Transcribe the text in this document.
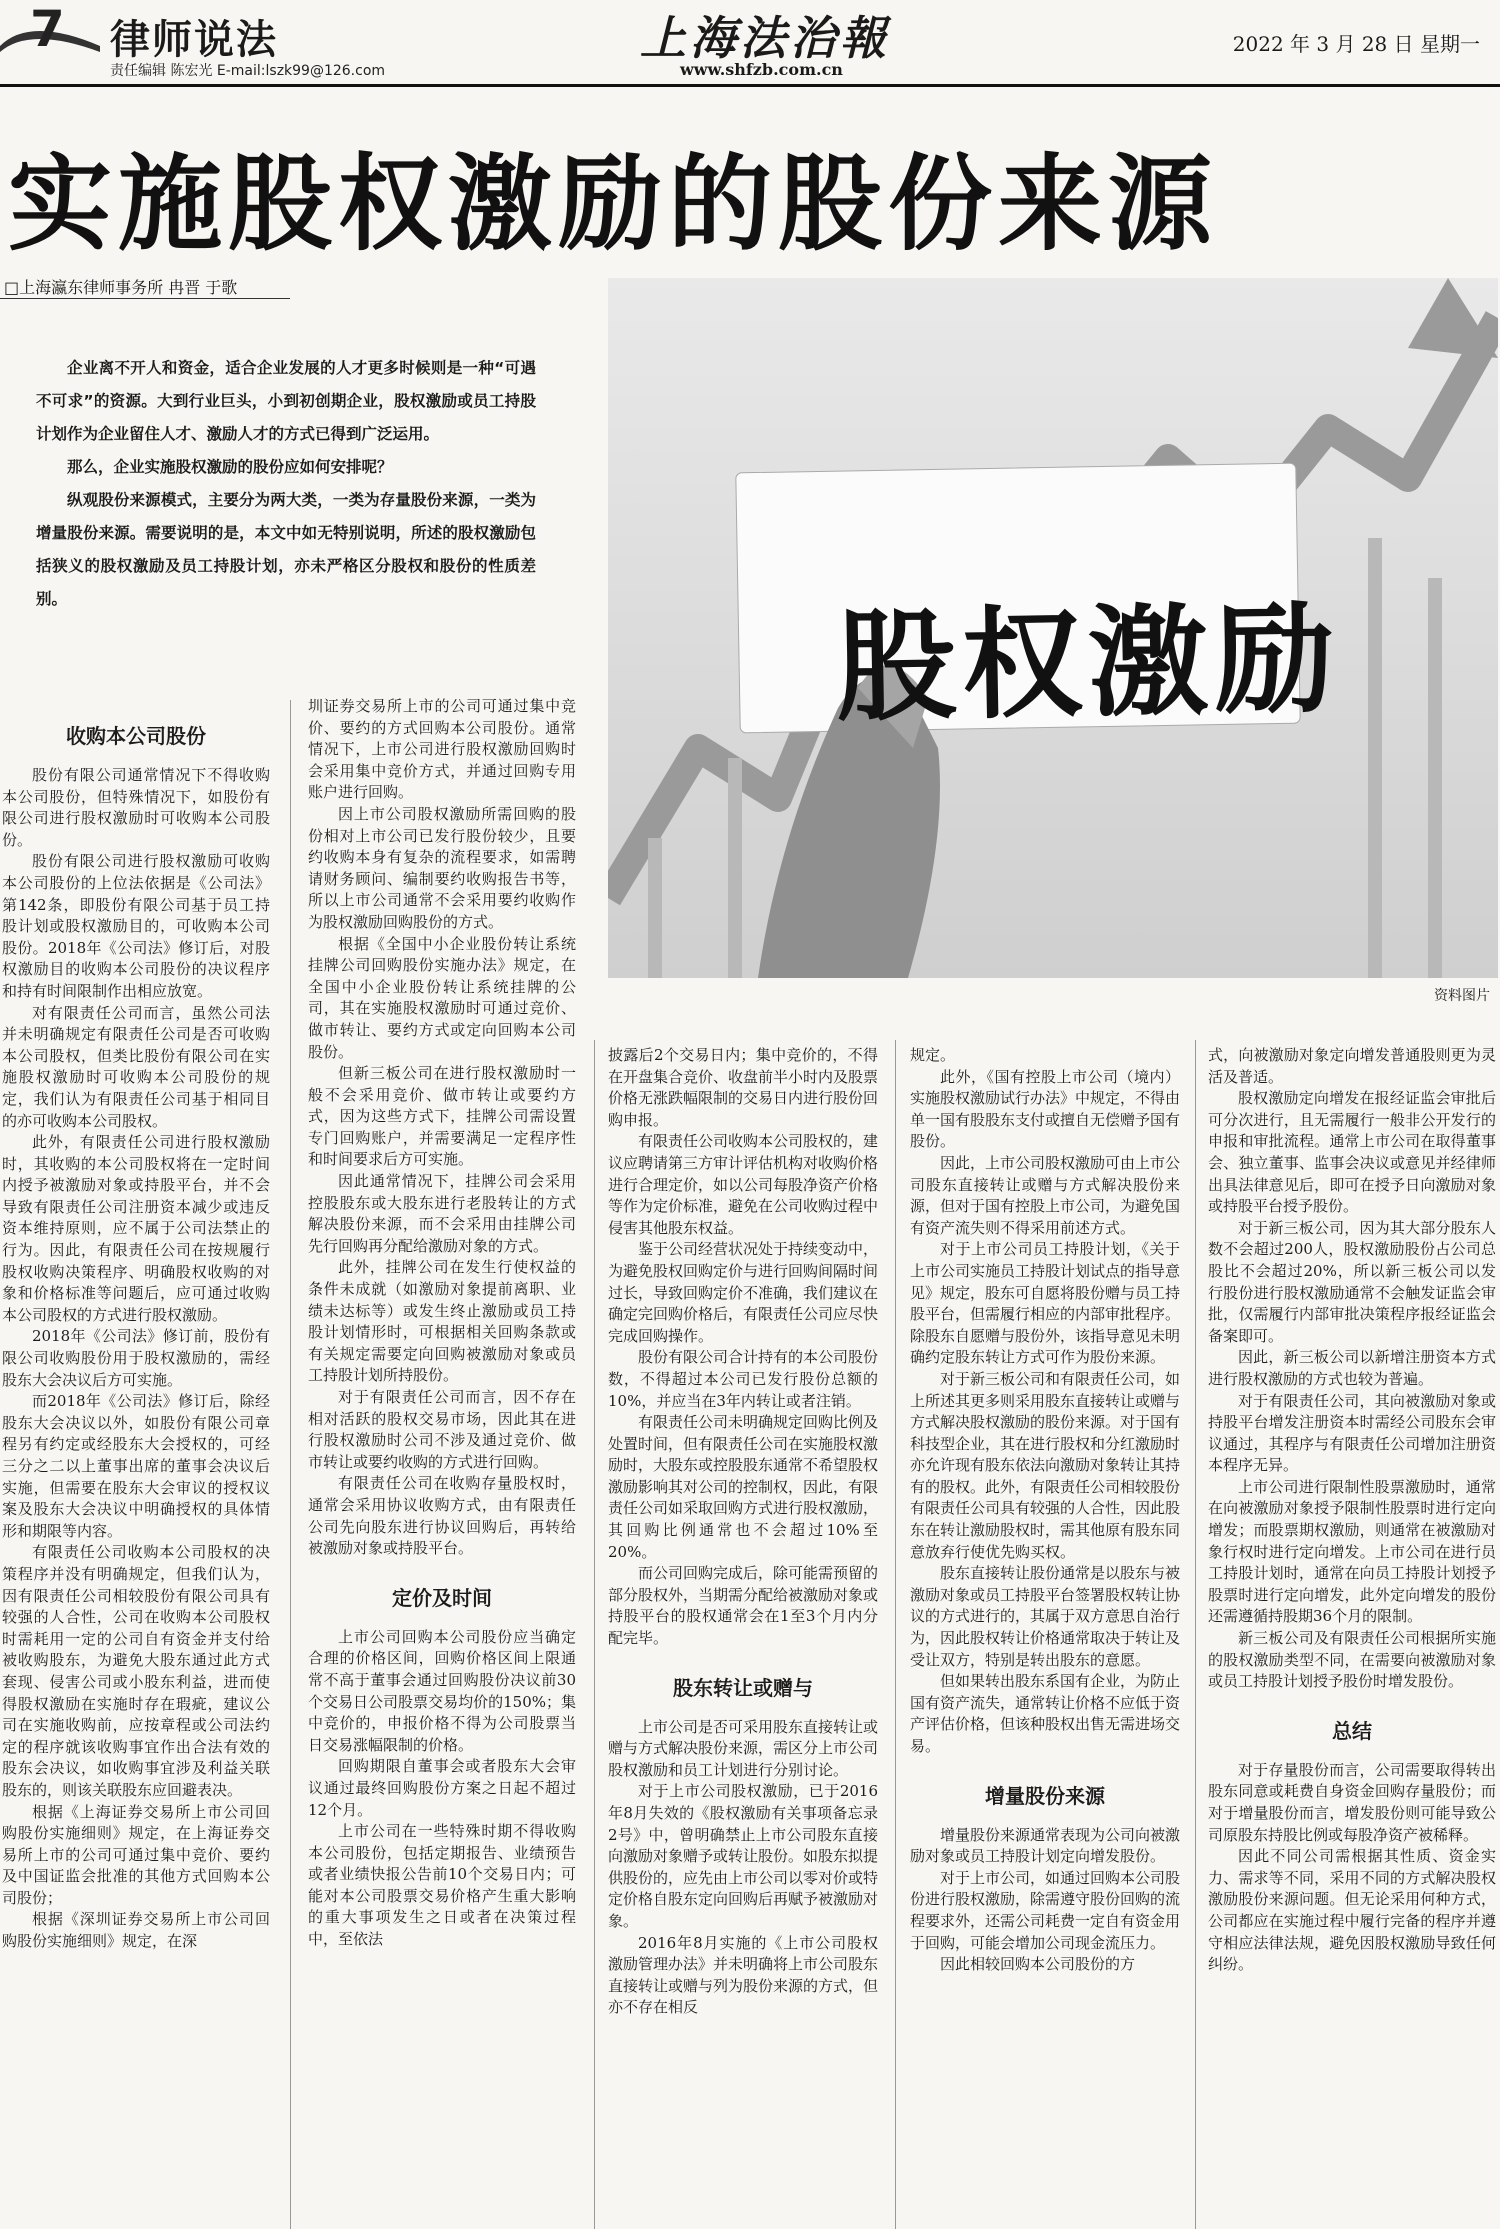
7 律师说法
责任编辑 陈宏光 E-mail:lszk99@126.com
上海法治報
www.shfzb.com.cn
2022 年 3 月 28 日 星期一
实施股权激励的股份来源
□上海瀛东律师事务所 冉晋 于歌

企业离不开人和资金，适合企业发展的人才更多时候则是一种“可遇不可求”的资源。大到行业巨头，小到初创期企业，股权激励或员工持股计划作为企业留住人才、激励人才的方式已得到广泛运用。

那么，企业实施股权激励的股份应如何安排呢？

纵观股份来源模式，主要分为两大类，一类为存量股份来源，一类为增量股份来源。需要说明的是，本文中如无特别说明，所述的股权激励包括狭义的股权激励及员工持股计划，亦未严格区分股权和股份的性质差别。	股权激励
资料图片
收购本公司股份

股份有限公司通常情况下不得收购本公司股份，但特殊情况下，如股份有限公司进行股权激励时可收购本公司股份。

股份有限公司进行股权激励可收购本公司股份的上位法依据是《公司法》第142条，即股份有限公司基于员工持股计划或股权激励目的，可收购本公司股份。2018年《公司法》修订后，对股权激励目的收购本公司股份的决议程序和持有时间限制作出相应放宽。

对有限责任公司而言，虽然公司法并未明确规定有限责任公司是否可收购本公司股权，但类比股份有限公司在实施股权激励时可收购本公司股份的规定，我们认为有限责任公司基于相同目的亦可收购本公司股权。

此外，有限责任公司进行股权激励时，其收购的本公司股权将在一定时间内授予被激励对象或持股平台，并不会导致有限责任公司注册资本减少或违反资本维持原则，应不属于公司法禁止的行为。因此，有限责任公司在按规履行股权收购决策程序、明确股权收购的对象和价格标准等问题后，应可通过收购本公司股权的方式进行股权激励。

2018年《公司法》修订前，股份有限公司收购股份用于股权激励的，需经股东大会决议后方可实施。

而2018年《公司法》修订后，除经股东大会决议以外，如股份有限公司章程另有约定或经股东大会授权的，可经三分之二以上董事出席的董事会决议后实施，但需要在股东大会审议的授权议案及股东大会决议中明确授权的具体情形和期限等内容。

有限责任公司收购本公司股权的决策程序并没有明确规定，但我们认为，因有限责任公司相较股份有限公司具有较强的人合性，公司在收购本公司股权时需耗用一定的公司自有资金并支付给被收购股东，为避免大股东通过此方式套现、侵害公司或小股东利益，进而使得股权激励在实施时存在瑕疵，建议公司在实施收购前，应按章程或公司法约定的程序就该收购事宜作出合法有效的股东会决议，如收购事宜涉及利益关联股东的，则该关联股东应回避表决。

根据《上海证券交易所上市公司回购股份实施细则》规定，在上海证券交易所上市的公司可通过集中竞价、要约及中国证监会批准的其他方式回购本公司股份；

根据《深圳证券交易所上市公司回购股份实施细则》规定，在深

圳证券交易所上市的公司可通过集中竞价、要约的方式回购本公司股份。通常情况下，上市公司进行股权激励回购时会采用集中竞价方式，并通过回购专用账户进行回购。

因上市公司股权激励所需回购的股份相对上市公司已发行股份较少，且要约收购本身有复杂的流程要求，如需聘请财务顾问、编制要约收购报告书等，所以上市公司通常不会采用要约收购作为股权激励回购股份的方式。

根据《全国中小企业股份转让系统挂牌公司回购股份实施办法》规定，在全国中小企业股份转让系统挂牌的公司，其在实施股权激励时可通过竞价、做市转让、要约方式或定向回购本公司股份。

但新三板公司在进行股权激励时一般不会采用竞价、做市转让或要约方式，因为这些方式下，挂牌公司需设置专门回购账户，并需要满足一定程序性和时间要求后方可实施。

因此通常情况下，挂牌公司会采用控股股东或大股东进行老股转让的方式解决股份来源，而不会采用由挂牌公司先行回购再分配给激励对象的方式。

此外，挂牌公司在发生行使权益的条件未成就（如激励对象提前离职、业绩未达标等）或发生终止激励或员工持股计划情形时，可根据相关回购条款或有关规定需要定向回购被激励对象或员工持股计划所持股份。

对于有限责任公司而言，因不存在相对活跃的股权交易市场，因此其在进行股权激励时公司不涉及通过竞价、做市转让或要约收购的方式进行回购。

有限责任公司在收购存量股权时，通常会采用协议收购方式，由有限责任公司先向股东进行协议回购后，再转给被激励对象或持股平台。

定价及时间

上市公司回购本公司股份应当确定合理的价格区间，回购价格区间上限通常不高于董事会通过回购股份决议前30个交易日公司股票交易均价的150%；集中竞价的，申报价格不得为公司股票当日交易涨幅限制的价格。

回购期限自董事会或者股东大会审议通过最终回购股份方案之日起不超过12个月。

上市公司在一些特殊时期不得收购本公司股份，包括定期报告、业绩预告或者业绩快报公告前10个交易日内；可能对本公司股票交易价格产生重大影响的重大事项发生之日或者在决策过程中，至依法

披露后2个交易日内；集中竞价的，不得在开盘集合竞价、收盘前半小时内及股票价格无涨跌幅限制的交易日内进行股份回购申报。

有限责任公司收购本公司股权的，建议应聘请第三方审计评估机构对收购价格进行合理定价，如以公司每股净资产价格等作为定价标准，避免在公司收购过程中侵害其他股东权益。

鉴于公司经营状况处于持续变动中，为避免股权回购定价与进行回购间隔时间过长，导致回购定价不准确，我们建议在确定完回购价格后，有限责任公司应尽快完成回购操作。

股份有限公司合计持有的本公司股份数，不得超过本公司已发行股份总额的10%，并应当在3年内转让或者注销。

有限责任公司未明确规定回购比例及处置时间，但有限责任公司在实施股权激励时，大股东或控股股东通常不希望股权激励影响其对公司的控制权，因此，有限责任公司如采取回购方式进行股权激励，其回购比例通常也不会超过10%至20%。

而公司回购完成后，除可能需预留的部分股权外，当期需分配给被激励对象或持股平台的股权通常会在1至3个月内分配完毕。

股东转让或赠与

上市公司是否可采用股东直接转让或赠与方式解决股份来源，需区分上市公司股权激励和员工计划进行分别讨论。

对于上市公司股权激励，已于2016年8月失效的《股权激励有关事项备忘录2号》中，曾明确禁止上市公司股东直接向激励对象赠予或转让股份。如股东拟提供股份的，应先由上市公司以零对价或特定价格自股东定向回购后再赋予被激励对象。

2016年8月实施的《上市公司股权激励管理办法》并未明确将上市公司股东直接转让或赠与列为股份来源的方式，但亦不存在相反

规定。

此外，《国有控股上市公司（境内）实施股权激励试行办法》中规定，不得由单一国有股股东支付或擅自无偿赠予国有股份。

因此，上市公司股权激励可由上市公司股东直接转让或赠与方式解决股份来源，但对于国有控股上市公司，为避免国有资产流失则不得采用前述方式。

对于上市公司员工持股计划，《关于上市公司实施员工持股计划试点的指导意见》规定，股东可自愿将股份赠与员工持股平台，但需履行相应的内部审批程序。除股东自愿赠与股份外，该指导意见未明确约定股东转让方式可作为股份来源。

对于新三板公司和有限责任公司，如上所述其更多则采用股东直接转让或赠与方式解决股权激励的股份来源。对于国有科技型企业，其在进行股权和分红激励时亦允许现有股东依法向激励对象转让其持有的股权。此外，有限责任公司相较股份有限责任公司具有较强的人合性，因此股东在转让激励股权时，需其他原有股东同意放弃行使优先购买权。

股东直接转让股份通常是以股东与被激励对象或员工持股平台签署股权转让协议的方式进行的，其属于双方意思自治行为，因此股权转让价格通常取决于转让及受让双方，特别是转出股东的意愿。

但如果转出股东系国有企业，为防止国有资产流失，通常转让价格不应低于资产评估价格，但该种股权出售无需进场交易。

增量股份来源

增量股份来源通常表现为公司向被激励对象或员工持股计划定向增发股份。

对于上市公司，如通过回购本公司股份进行股权激励，除需遵守股份回购的流程要求外，还需公司耗费一定自有资金用于回购，可能会增加公司现金流压力。

因此相较回购本公司股份的方

式，向被激励对象定向增发普通股则更为灵活及普适。

股权激励定向增发在报经证监会审批后可分次进行，且无需履行一般非公开发行的申报和审批流程。通常上市公司在取得董事会、独立董事、监事会决议或意见并经律师出具法律意见后，即可在授予日向激励对象或持股平台授予股份。

对于新三板公司，因为其大部分股东人数不会超过200人，股权激励股份占公司总股比不会超过20%，所以新三板公司以发行股份进行股权激励通常不会触发证监会审批，仅需履行内部审批决策程序报经证监会备案即可。

因此，新三板公司以新增注册资本方式进行股权激励的方式也较为普遍。

对于有限责任公司，其向被激励对象或持股平台增发注册资本时需经公司股东会审议通过，其程序与有限责任公司增加注册资本程序无异。

上市公司进行限制性股票激励时，通常在向被激励对象授予限制性股票时进行定向增发；而股票期权激励，则通常在被激励对象行权时进行定向增发。上市公司在进行员工持股计划时，通常在向员工持股计划授予股票时进行定向增发，此外定向增发的股份还需遵循持股期36个月的限制。

新三板公司及有限责任公司根据所实施的股权激励类型不同，在需要向被激励对象或员工持股计划授予股份时增发股份。

总结

对于存量股份而言，公司需要取得转出股东同意或耗费自身资金回购存量股份；而对于增量股份而言，增发股份则可能导致公司原股东持股比例或每股净资产被稀释。

因此不同公司需根据其性质、资金实力、需求等不同，采用不同的方式解决股权激励股份来源问题。但无论采用何种方式，公司都应在实施过程中履行完备的程序并遵守相应法律法规，避免因股权激励导致任何纠纷。
